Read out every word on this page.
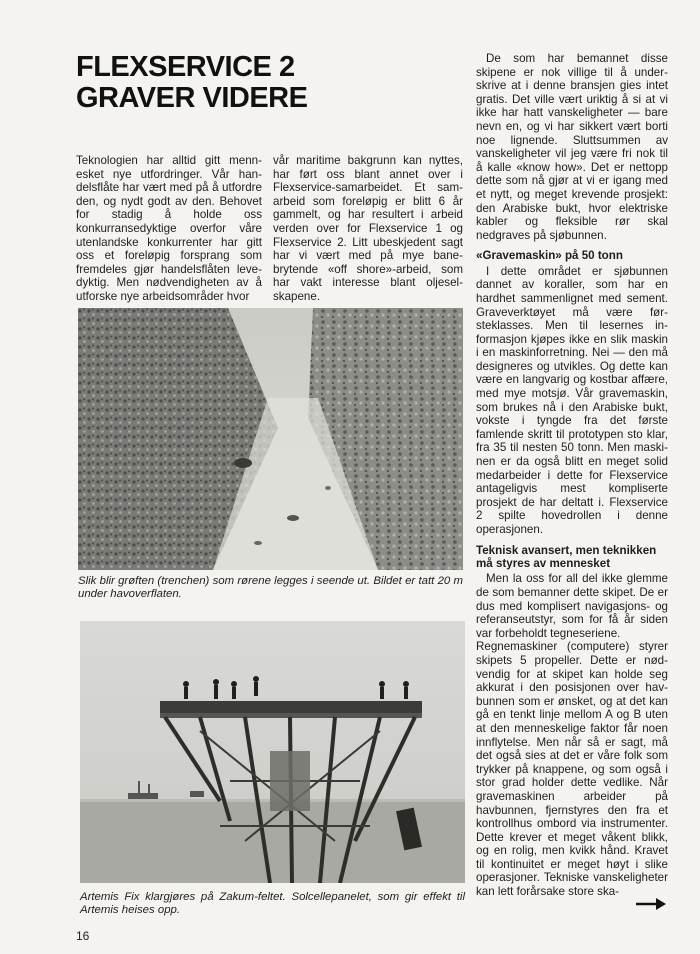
FLEXSERVICE 2
GRAVER VIDERE

Teknologien har alltid gitt mennesket nye utfordringer. Vår handelsflåte har vært med på å utfordre den, og nydt godt av den. Behovet for stadig å holde oss konkurransedyktige overfor våre utenlandske konkurrenter har gitt oss et foreløpig forsprang som fremdeles gjør handelsflåten levedyktig. Men nødvendigheten av å utforske nye arbeidsområder hvor

vår maritime bakgrunn kan nyttes, har ført oss blant annet over i Flexservice-samarbeidet. Et samarbeid som foreløpig er blitt 6 år gammelt, og har resultert i arbeid verden over for Flexservice 1 og Flexservice 2. Litt ubeskjedent sagt har vi vært med på mye banebrytende «off shore»-arbeid, som har vakt interesse blant oljeselskapene.

De som har bemannet disse skipene er nok villige til å underskrive at i denne bransjen gies intet gratis. Det ville vært uriktig å si at vi ikke har hatt vanskeligheter — bare nevn en, og vi har sikkert vært borti noe lignende. Sluttsummen av vanskeligheter vil jeg være fri nok til å kalle «know how». Det er nettopp dette som nå gjør at vi er igang med et nytt, og meget krevende prosjekt: den Arabiske bukt, hvor elektriske kabler og fleksible rør skal nedgraves på sjøbunnen.

«Gravemaskin» på 50 tonn

I dette området er sjøbunnen dannet av koraller, som har en hardhet sammenlignet med sement. Graveverktøyet må være førsteklasses. Men til lesernes informasjon kjøpes ikke en slik maskin i en maskinforretning. Nei — den må designeres og utvikles. Og dette kan være en langvarig og kostbar affære, med mye motsjø. Vår gravemaskin, som brukes nå i den Arabiske bukt, vokste i tyngde fra det første famlende skritt til prototypen sto klar, fra 35 til nesten 50 tonn. Men maskinen er da også blitt en meget solid medarbeider i dette for Flexservice antageligvis mest kompliserte prosjekt de har deltatt i. Flexservice 2 spilte hovedrollen i denne operasjonen.

Teknisk avansert, men teknikken må styres av mennesket

Men la oss for all del ikke glemme de som bemanner dette skipet. De er dus med komplisert navigasjons- og referanseutstyr, som for få år siden var forbeholdt tegneseriene.

Regnemaskiner (computere) styrer skipets 5 propeller. Dette er nødvendig for at skipet kan holde seg akkurat i den posisjonen over havbunnen som er ønsket, og at det kan gå en tenkt linje mellom A og B uten at den menneskelige faktor får noen innflytelse. Men når så er sagt, må det også sies at det er våre folk som trykker på knappene, og som også i stor grad holder dette vedlike. Når gravemaskinen arbeider på havbunnen, fjernstyres den fra et kontrollhus ombord via instrumenter. Dette krever et meget våkent blikk, og en rolig, men kvikk hånd. Kravet til kontinuitet er meget høyt i slike operasjoner. Tekniske vanskeligheter kan lett forårsake store ska-

Slik blir grøften (trenchen) som rørene legges i seende ut. Bildet er tatt 20 m under havoverflaten.

Artemis Fix klargjøres på Zakum-feltet. Solcellepanelet, som gir effekt til Artemis heises opp.

16
